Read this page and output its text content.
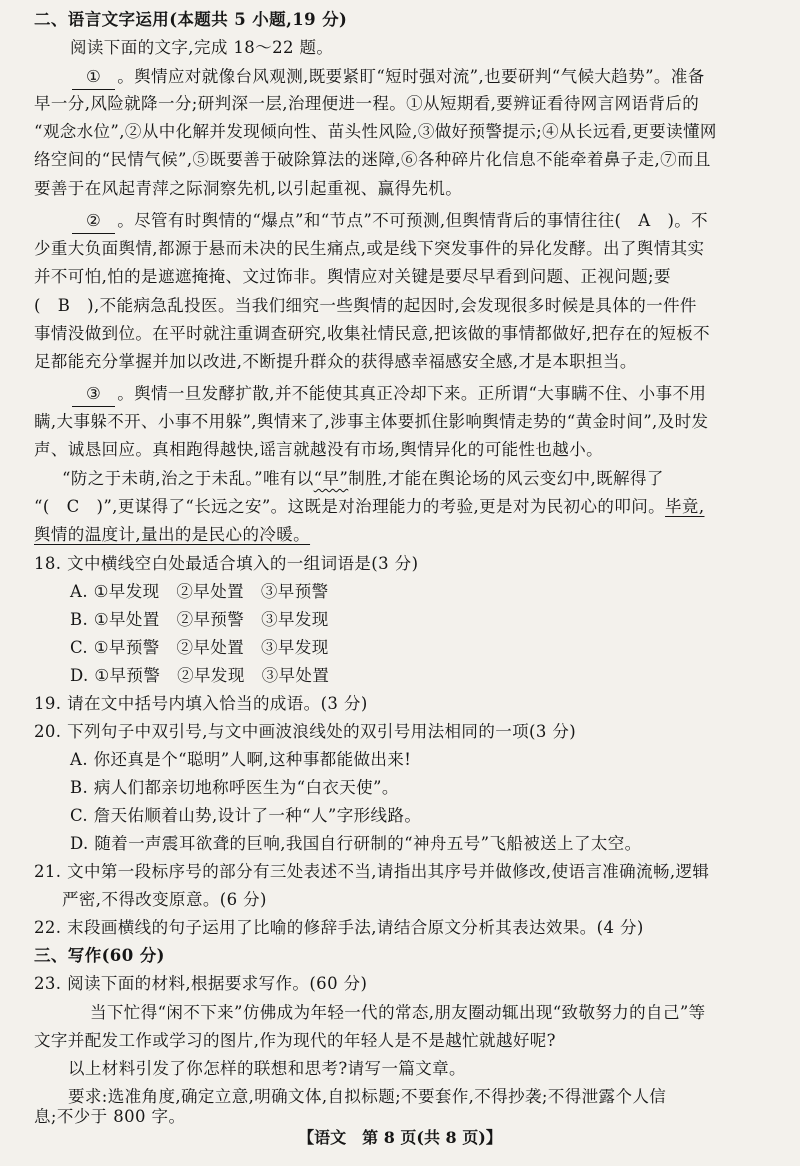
二、语言文字运用(本题共 5 小题,19 分)
阅读下面的文字,完成 18～22 题。
① 。舆情应对就像台风观测,既要紧盯“短时强对流”,也要研判“气候大趋势”。准备
早一分,风险就降一分;研判深一层,治理便进一程。①从短期看,要辨证看待网言网语背后的
“观念水位”,②从中化解并发现倾向性、苗头性风险,③做好预警提示;④从长远看,更要读懂网
络空间的“民情气候”,⑤既要善于破除算法的迷障,⑥各种碎片化信息不能牵着鼻子走,⑦而且
要善于在风起青萍之际洞察先机,以引起重视、赢得先机。
② 。尽管有时舆情的“爆点”和“节点”不可预测,但舆情背后的事情往往(　A　)。不
少重大负面舆情,都源于悬而未决的民生痛点,或是线下突发事件的异化发酵。出了舆情其实
并不可怕,怕的是遮遮掩掩、文过饰非。舆情应对关键是要尽早看到问题、正视问题;要
(　B　),不能病急乱投医。当我们细究一些舆情的起因时,会发现很多时候是具体的一件件
事情没做到位。在平时就注重调查研究,收集社情民意,把该做的事情都做好,把存在的短板不
足都能充分掌握并加以改进,不断提升群众的获得感幸福感安全感,才是本职担当。
③ 。舆情一旦发酵扩散,并不能使其真正冷却下来。正所谓“大事瞒不住、小事不用
瞒,大事躲不开、小事不用躲”,舆情来了,涉事主体要抓住影响舆情走势的“黄金时间”,及时发
声、诚恳回应。真相跑得越快,谣言就越没有市场,舆情异化的可能性也越小。
“防之于未萌,治之于未乱。”唯有以“早”制胜,才能在舆论场的风云变幻中,既解得了
“(　C　)”,更谋得了“长远之安”。这既是对治理能力的考验,更是对为民初心的叩问。毕竟,
舆情的温度计,量出的是民心的冷暖。
18. 文中横线空白处最适合填入的一组词语是(3 分)
A. ①早发现　②早处置　③早预警
B. ①早处置　②早预警　③早发现
C. ①早预警　②早处置　③早发现
D. ①早预警　②早发现　③早处置
19. 请在文中括号内填入恰当的成语。(3 分)
20. 下列句子中双引号,与文中画波浪线处的双引号用法相同的一项(3 分)
A. 你还真是个“聪明”人啊,这种事都能做出来!
B. 病人们都亲切地称呼医生为“白衣天使”。
C. 詹天佑顺着山势,设计了一种“人”字形线路。
D. 随着一声震耳欲聋的巨响,我国自行研制的“神舟五号”飞船被送上了太空。
21. 文中第一段标序号的部分有三处表述不当,请指出其序号并做修改,使语言准确流畅,逻辑
严密,不得改变原意。(6 分)
22. 末段画横线的句子运用了比喻的修辞手法,请结合原文分析其表达效果。(4 分)
三、写作(60 分)
23. 阅读下面的材料,根据要求写作。(60 分)
当下忙得“闲不下来”仿佛成为年轻一代的常态,朋友圈动辄出现“致敬努力的自己”等
文字并配发工作或学习的图片,作为现代的年轻人是不是越忙就越好呢?
以上材料引发了你怎样的联想和思考?请写一篇文章。
要求:选准角度,确定立意,明确文体,自拟标题;不要套作,不得抄袭;不得泄露个人信
息;不少于 800 字。
【语文　第 8 页(共 8 页)】
